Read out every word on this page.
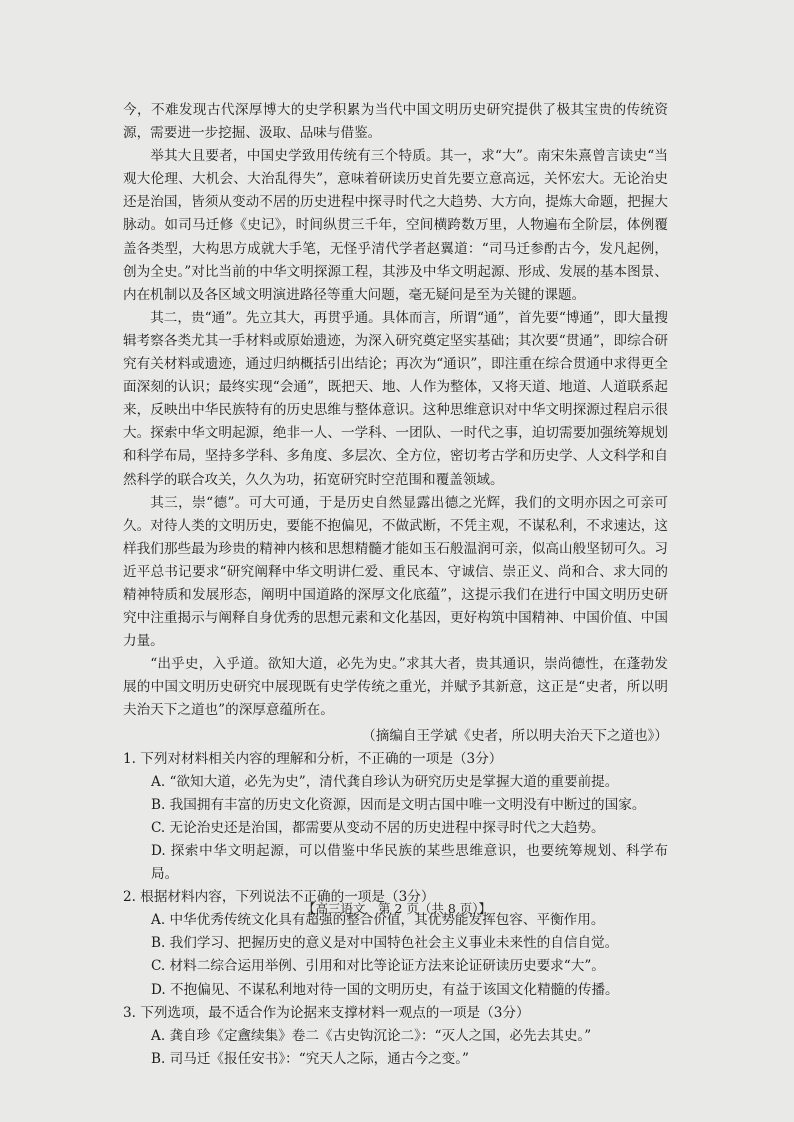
今，不难发现古代深厚博大的史学积累为当代中国文明历史研究提供了极其宝贵的传统资源，需要进一步挖掘、汲取、品味与借鉴。

举其大且要者，中国史学致用传统有三个特质。其一，求“大”。南宋朱熹曾言读史“当观大伦理、大机会、大治乱得失”，意味着研读历史首先要立意高远，关怀宏大。无论治史还是治国，皆须从变动不居的历史进程中探寻时代之大趋势、大方向，提炼大命题，把握大脉动。如司马迁修《史记》，时间纵贯三千年，空间横跨数万里，人物遍布全阶层，体例覆盖各类型，大构思方成就大手笔，无怪乎清代学者赵翼道：“司马迁参酌古今，发凡起例，创为全史。”对比当前的中华文明探源工程，其涉及中华文明起源、形成、发展的基本图景、内在机制以及各区域文明演进路径等重大问题，毫无疑问是至为关键的课题。

其二，贵“通”。先立其大，再贯乎通。具体而言，所谓“通”，首先要“博通”，即大量搜辑考察各类尤其一手材料或原始遗迹，为深入研究奠定坚实基础；其次要“贯通”，即综合研究有关材料或遗迹，通过归纳概括引出结论；再次为“通识”，即注重在综合贯通中求得更全面深刻的认识；最终实现“会通”，既把天、地、人作为整体，又将天道、地道、人道联系起来，反映出中华民族特有的历史思维与整体意识。这种思维意识对中华文明探源过程启示很大。探索中华文明起源，绝非一人、一学科、一团队、一时代之事，迫切需要加强统筹规划和科学布局，坚持多学科、多角度、多层次、全方位，密切考古学和历史学、人文科学和自然科学的联合攻关，久久为功，拓宽研究时空范围和覆盖领域。

其三，崇“德”。可大可通，于是历史自然显露出德之光辉，我们的文明亦因之可亲可久。对待人类的文明历史，要能不抱偏见，不做武断，不凭主观，不谋私利，不求速达，这样我们那些最为珍贵的精神内核和思想精髓才能如玉石般温润可亲，似高山般坚韧可久。习近平总书记要求“研究阐释中华文明讲仁爱、重民本、守诚信、崇正义、尚和合、求大同的精神特质和发展形态，阐明中国道路的深厚文化底蕴”，这提示我们在进行中国文明历史研究中注重揭示与阐释自身优秀的思想元素和文化基因，更好构筑中国精神、中国价值、中国力量。

“出乎史，入乎道。欲知大道，必先为史。”求其大者，贵其通识，崇尚德性，在蓬勃发展的中国文明历史研究中展现既有史学传统之重光，并赋予其新意，这正是“史者，所以明夫治天下之道也”的深厚意蕴所在。

（摘编自王学斌《史者，所以明夫治天下之道也》）

1. 下列对材料相关内容的理解和分析，不正确的一项是（3分）

A. “欲知大道，必先为史”，清代龚自珍认为研究历史是掌握大道的重要前提。

B. 我国拥有丰富的历史文化资源，因而是文明古国中唯一文明没有中断过的国家。

C. 无论治史还是治国，都需要从变动不居的历史进程中探寻时代之大趋势。

D. 探索中华文明起源，可以借鉴中华民族的某些思维意识，也要统筹规划、科学布局。

2. 根据材料内容，下列说法不正确的一项是（3分）

A. 中华优秀传统文化具有超强的整合价值，其优势能发挥包容、平衡作用。

B. 我们学习、把握历史的意义是对中国特色社会主义事业未来性的自信自觉。

C. 材料二综合运用举例、引用和对比等论证方法来论证研读历史要求“大”。

D. 不抱偏见、不谋私利地对待一国的文明历史，有益于该国文化精髓的传播。

3. 下列选项，最不适合作为论据来支撑材料一观点的一项是（3分）

A. 龚自珍《定盦续集》卷二《古史钩沉论二》：“灭人之国，必先去其史。”

B. 司马迁《报任安书》：“究天人之际，通古今之变。”

【高三语文　第 2 页（共 8 页）】
